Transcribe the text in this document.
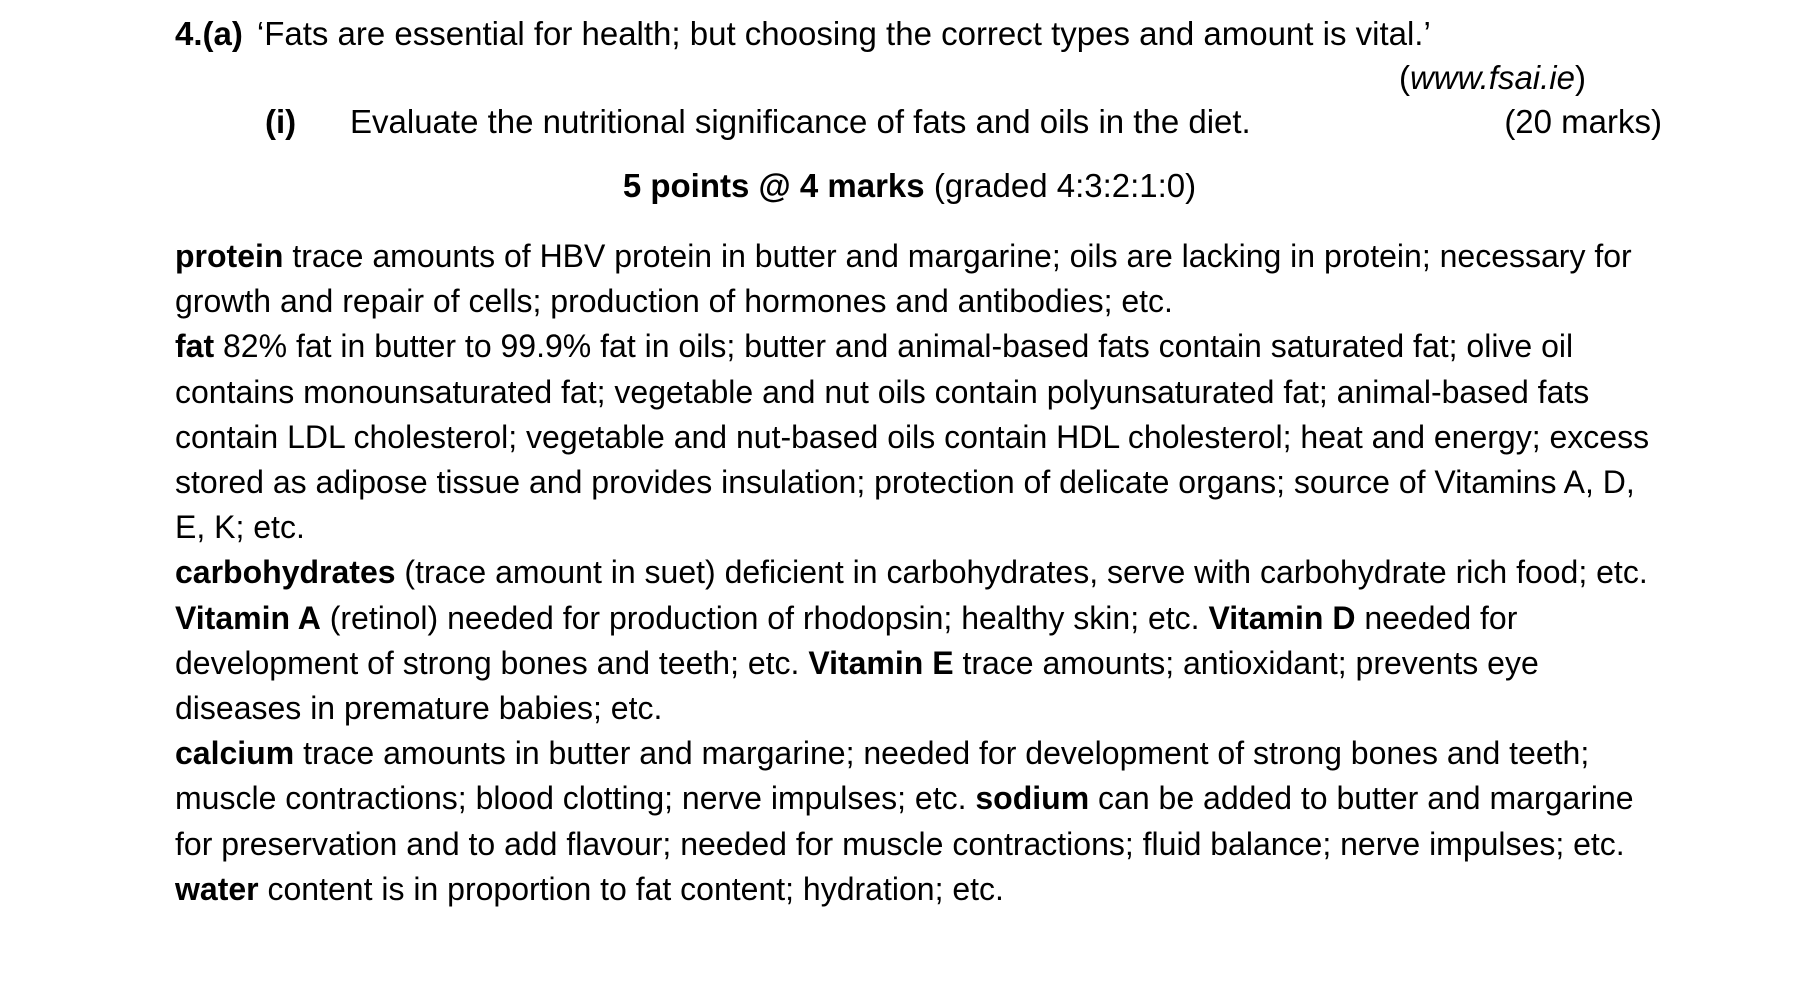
4.(a) ‘Fats are essential for health; but choosing the correct types and amount is vital.’
(www.fsai.ie)
(i) Evaluate the nutritional significance of fats and oils in the diet.	(20 marks)
5 points @ 4 marks (graded 4:3:2:1:0)

protein trace amounts of HBV protein in butter and margarine; oils are lacking in protein; necessary for growth and repair of cells; production of hormones and antibodies; etc.

fat 82% fat in butter to 99.9% fat in oils; butter and animal-based fats contain saturated fat; olive oil contains monounsaturated fat; vegetable and nut oils contain polyunsaturated fat; animal-based fats contain LDL cholesterol; vegetable and nut-based oils contain HDL cholesterol; heat and energy; excess stored as adipose tissue and provides insulation; protection of delicate organs; source of Vitamins A, D, E, K; etc.

carbohydrates (trace amount in suet) deficient in carbohydrates, serve with carbohydrate rich food; etc.

Vitamin A (retinol) needed for production of rhodopsin; healthy skin; etc. Vitamin D needed for development of strong bones and teeth; etc. Vitamin E trace amounts; antioxidant; prevents eye diseases in premature babies; etc.

calcium trace amounts in butter and margarine; needed for development of strong bones and teeth; muscle contractions; blood clotting; nerve impulses; etc. sodium can be added to butter and margarine for preservation and to add flavour; needed for muscle contractions; fluid balance; nerve impulses; etc.

water content is in proportion to fat content; hydration; etc.
